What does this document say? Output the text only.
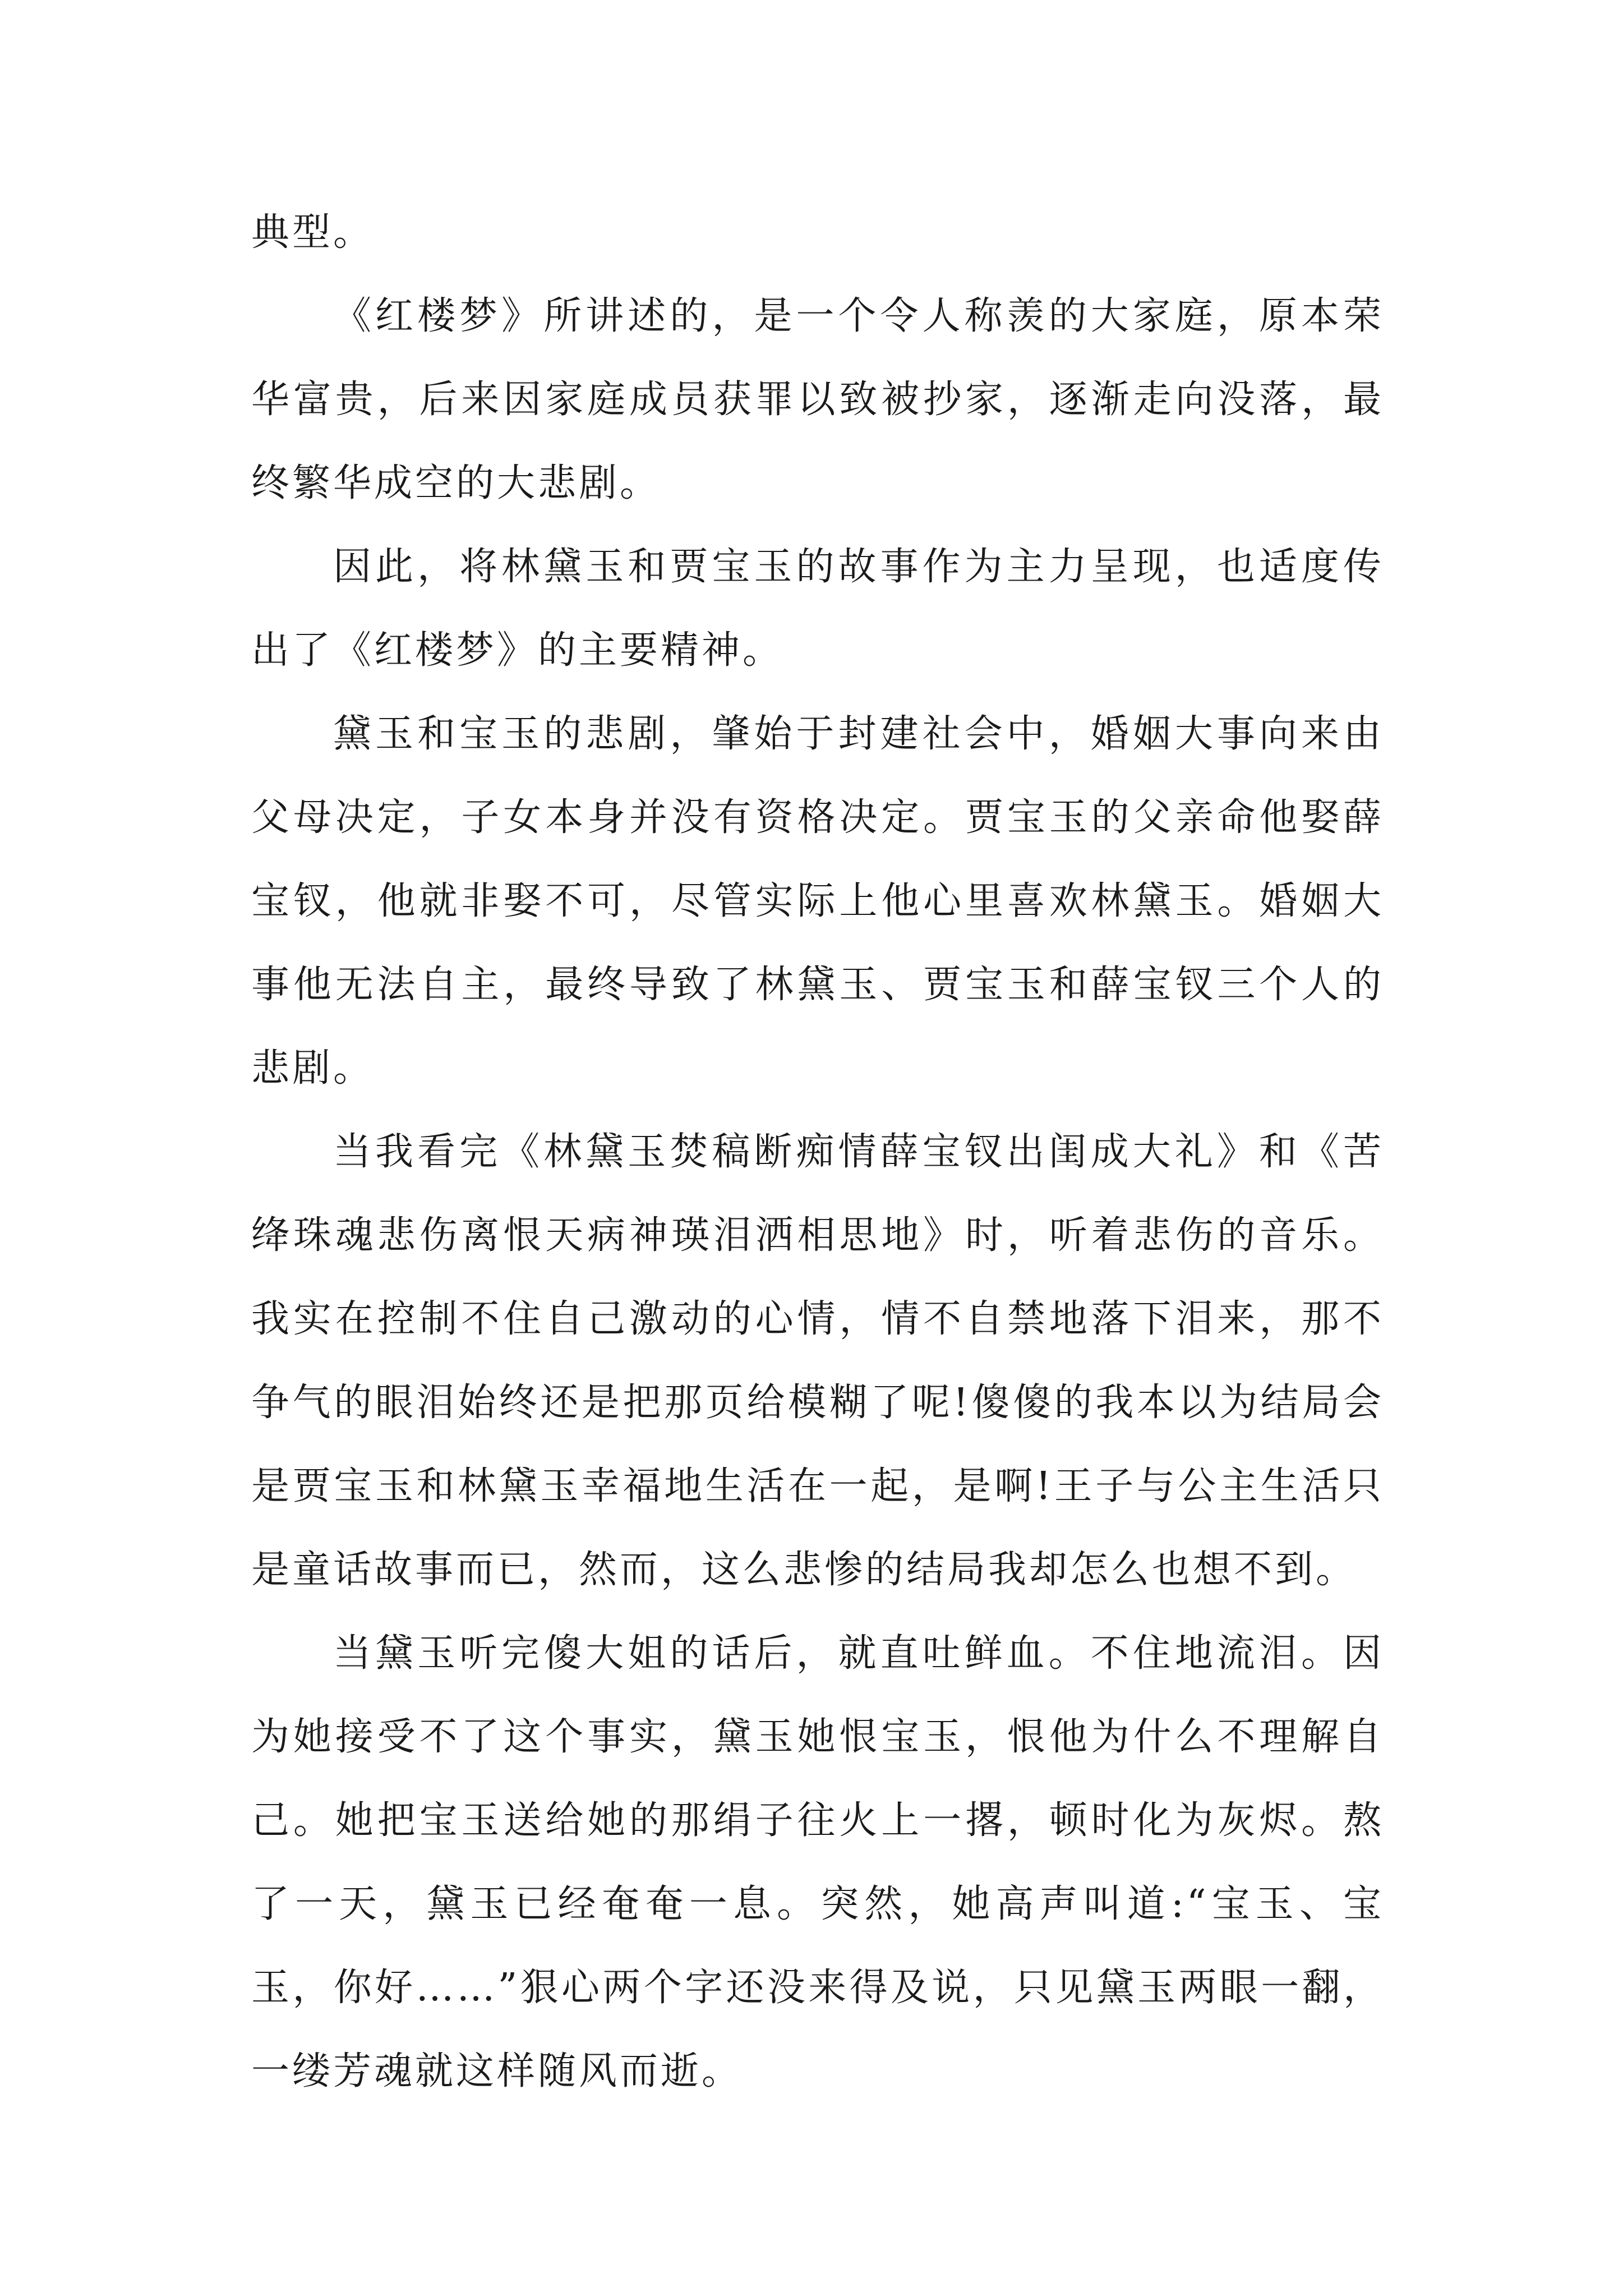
典型。

《红楼梦》所讲述的，是一个令人称羡的大家庭，原本荣华富贵，后来因家庭成员获罪以致被抄家，逐渐走向没落，最终繁华成空的大悲剧。

因此，将林黛玉和贾宝玉的故事作为主力呈现，也适度传出了《红楼梦》的主要精神。

黛玉和宝玉的悲剧，肇始于封建社会中，婚姻大事向来由父母决定，子女本身并没有资格决定。贾宝玉的父亲命他娶薛宝钗，他就非娶不可，尽管实际上他心里喜欢林黛玉。婚姻大事他无法自主，最终导致了林黛玉、贾宝玉和薛宝钗三个人的悲剧。

当我看完《林黛玉焚稿断痴情薛宝钗出闺成大礼》和《苦绛珠魂悲伤离恨天病神瑛泪洒相思地》时，听着悲伤的音乐。我实在控制不住自己激动的心情，情不自禁地落下泪来，那不争气的眼泪始终还是把那页给模糊了呢!傻傻的我本以为结局会是贾宝玉和林黛玉幸福地生活在一起，是啊!王子与公主生活只是童话故事而已，然而，这么悲惨的结局我却怎么也想不到。

当黛玉听完傻大姐的话后，就直吐鲜血。不住地流泪。因为她接受不了这个事实，黛玉她恨宝玉，恨他为什么不理解自己。她把宝玉送给她的那绢子往火上一撂，顿时化为灰烬。熬了一天，黛玉已经奄奄一息。突然，她高声叫道:“宝玉、宝玉，你好……”狠心两个字还没来得及说，只见黛玉两眼一翻，一缕芳魂就这样随风而逝。
